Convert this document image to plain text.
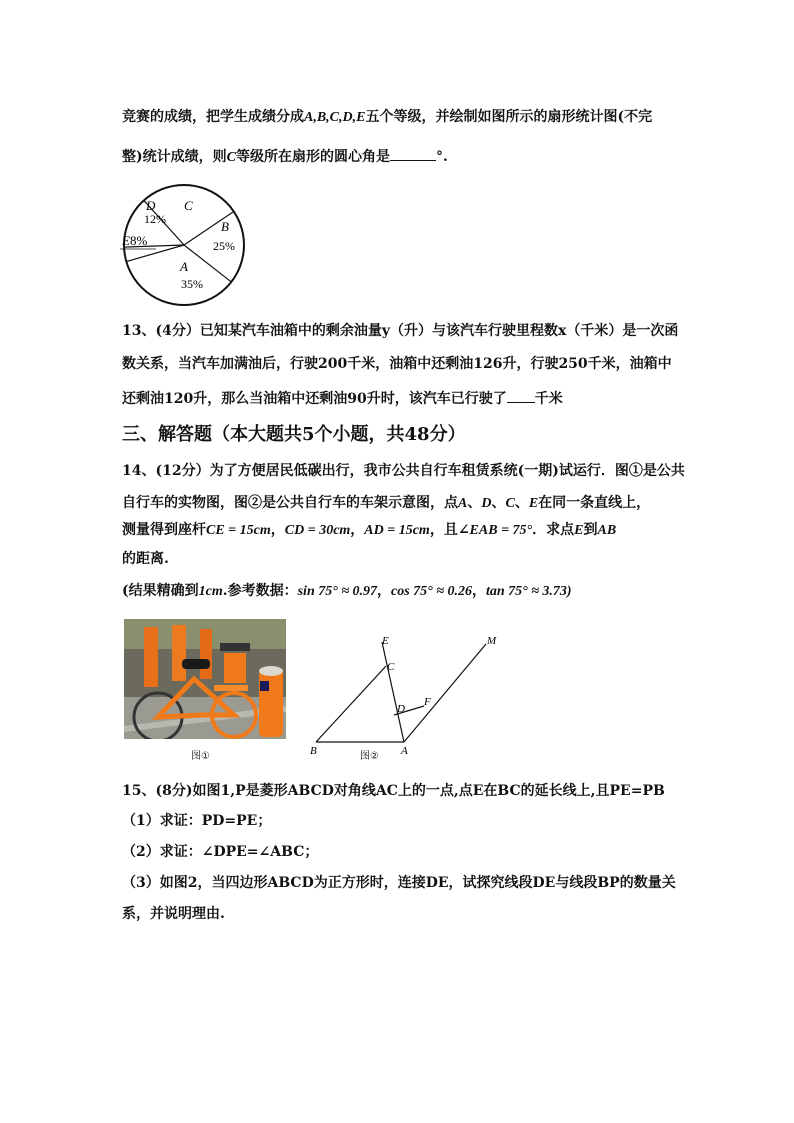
竞赛的成绩，把学生成绩分成A,B,C,D,E五个等级，并绘制如图所示的扇形统计图(不完
整)统计成绩，则C等级所在扇形的圆心角是	°.
A
35%
B
25%
C
D
12%
E8%
13、(4分）已知某汽车油箱中的剩余油量y（升）与该汽车行驶里程数x（千米）是一次函
数关系，当汽车加满油后，行驶200千米，油箱中还剩油126升，行驶250千米，油箱中
还剩油120升，那么当油箱中还剩油90升时，该汽车已行驶了 千米
三、解答题（本大题共5个小题，共48分）
14、(12分）为了方便居民低碳出行，我市公共自行车租赁系统(一期)试运行．图①是公共
自行车的实物图，图②是公共自行车的车架示意图，点A、D、C、E在同一条直线上，
测量得到座杆CE = 15cm，CD = 30cm，AD = 15cm，且∠EAB = 75°．求点E到AB
的距离.
(结果精确到1cm.参考数据：sin 75° ≈ 0.97，cos 75° ≈ 0.26，tan 75° ≈ 3.73)
图①
E
C
D
F
M
B	A
图②
15、(8分)如图1,P是菱形ABCD对角线AC上的一点,点E在BC的延长线上,且PE=PB
（1）求证：PD=PE；
（2）求证：∠DPE=∠ABC；
（3）如图2，当四边形ABCD为正方形时，连接DE，试探究线段DE与线段BP的数量关
系，并说明理由.
